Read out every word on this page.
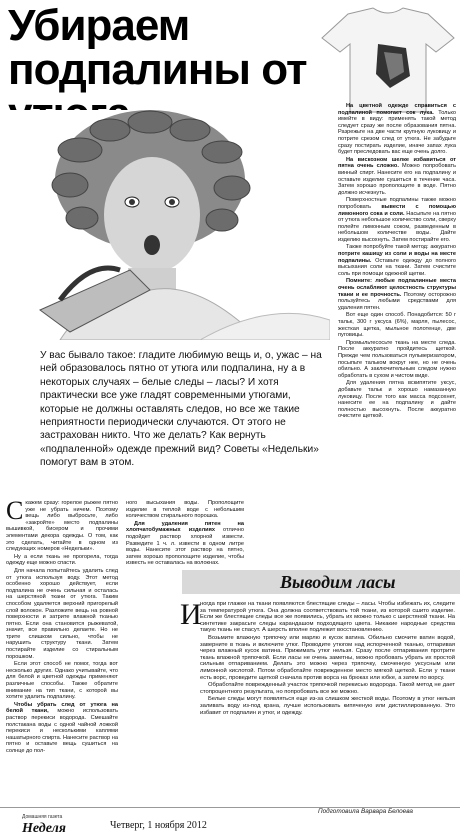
Убираем подпалины от

На цветной одежде справиться с подпалиной помогает сок лука. Только имейте в виду: применять такой метод следует сразу же после образования пятна. Разрежьте на две части крупную луковицу и потрите срезом след от утюга. Не забудьте сразу постирать изделие, иначе запах лука будет преследовать вас еще очень долго.

На вискозном шелке избавиться от пятна очень сложно. Можно попробовать винный спирт. Нанесите его на подпалину и оставьте изделие сушиться в течение часа. Затем хорошо прополощите в воде. Пятно должно исчезнуть.

Поверхностные подпалины также можно попробовать вывести с помощью лимонного сока и соли. Насыпьте на пятно от утюга небольшое количество соли, сверху полейте лимонным соком, разведенным в небольшом количестве воды. Дайте изделию высохнуть. Затем постирайте его.

Также попробуйте такой метод: аккуратно потрите кашицу из соли и воды на месте подпалины. Оставьте одежду до полного высыхания соли на ткани. Затем счистите соль при помощи одежной щетки.

Помните: любые подпалинные места очень ослабляют целостность структуры ткани и ее прочность. Поэтому осторожно пользуйтесь любыми средствами для удаления пятен.

Вот еще один способ. Понадобится: 50 г тальк, 300 г уксуса (6%), марля, пылесос, жесткая щетка, мыльное полотенце, две пуговицы.

Промыльтесосьте ткань на месте следа. После аккуратно пройдитесь щеткой. Прежде чем пользоваться пульверизатором, посыпьте тальком вокруг нее, но не очень обильно. А заключительным следом нужно обработать в сухом и чистом виде.

Для удаления пятна вскипятите уксус, добавьте тальк и хорошо намазанную луковицу. После того как масса подсохнет, нанесите ее на подпалину и дайте полностью высохнуть. После аккуратно очистите щеткой.

У вас бывало такое: гладите любимую вещь и, о, ужас – на ней образовалось пятно от утюга или подпалина, ну а в некоторых случаях – белые следы – ласы? И хотя практически все уже гладят современными утюгами, которые не должны оставлять следов, но все же такие неприятности периодически случаются. От этого не застрахован никто. Что же делать? Как вернуть «подпаленной» одежде прежний вид? Советы «Недельки» помогут вам в этом.

Скажем сразу: горелое рыжее пятно уже не убрать ничем. Поэтому вещь либо выбросьте, либо «закройте» место подпалины вышивкой, бисером и прочими элементами декора одежды. О том, как это сделать, читайте в одном из следующих номеров «Недельки».

Ну а если ткань не прогорела, тогда одежду еще можно спасти.

Для начала попытайтесь удалить след от утюга используя воду. Этот метод особенно хорошо действует, если подпалина не очень сильная и осталась на шерстяной ткани от утюга. Таким способом удаляется верхний пригорелый слой волокон. Разложите вещь на ровной поверхности и затрите влажной тканью пятно. Если она становится рыжеватой, значит, все правильно делаете. Но не трите слишком сильно, чтобы не нарушить структуру ткани. Затем постирайте изделие со стиральным порошком.

Если этот способ не помог, тогда вот несколько других. Однако учитывайте, что для белой и цветной одежды применяют различные способы. Также обратите внимание на тип ткани, с которой вы хотите удалить подпалину.

Чтобы убрать след от утюга на белой ткани, можно использовать раствор перекиси водорода. Смешайте полстакана воды с одной чайной ложкой перекиси и несколькими каплями нашатырного спирта. Нанесите раствор на пятно и оставьте вещь сушиться на солнце до пол-

ного высыхания воды. Прополощите изделие в теплой воде с небольшим количеством стирального порошка.

Для удаления пятен на хлопчатобумажных изделиях отлично подойдет раствор хлорной извести. Разведите 1 ч. л. извести в одном литре воды. Нанесите этот раствор на пятно, затем хорошо прополощите изделие, чтобы известь не оставалась на волокнах.

Выводим ласы
И

ногда при глажке на ткани появляются блестящие следы – ласы. Чтобы избежать их, следите за температурой утюга. Она должна соответствовать той ткани, из которой сшито изделие. Если же блестящие следы все же появились, убрать их можно только с шерстяной ткани. На синтетике закрасьте следы карандашом подходящего цвета. Никакие народные средства такую ткань не спасут. А шерсть вполне подлежит восстановлению.

Возьмите влажную тряпочку или марлю и кусок ватина. Обильно смочите ватин водой, заверните в ткань и включите утюг. Проводите утюгом над испорченной тканью, отпаривая через влажный кусок ватина. Прижимать утюг нельзя. Сразу после отпаривания протрите ткань влажной тряпочкой. Если ласы не очень заметны, можно пробовать убрать их простой сильным отпариванием. Делать это можно через тряпочку, смоченную уксусным или лимонной кислотой. Потом обработайте поврежденное место мягкой щеткой. Если у ткани есть ворс, проведите щеткой сначала против ворса на брюках или юбке, а затем по ворсу.

Обработайте поврежденный участок тряпочкой перекисью водорода. Такой метод не дает стопроцентного результата, но попробовать все же можно.

Белые следы могут появляться еще из-за слишком жесткой воды. Поэтому в утюг нельзя заливать воду из-под крана, лучше использовать кипяченую или дистиллированную. Это избавит от подпалин и утюг, и одежду.

Домашняя газета
Неделя	Четверг, 1 ноября 2012
Подготовила Варвара Белоева
